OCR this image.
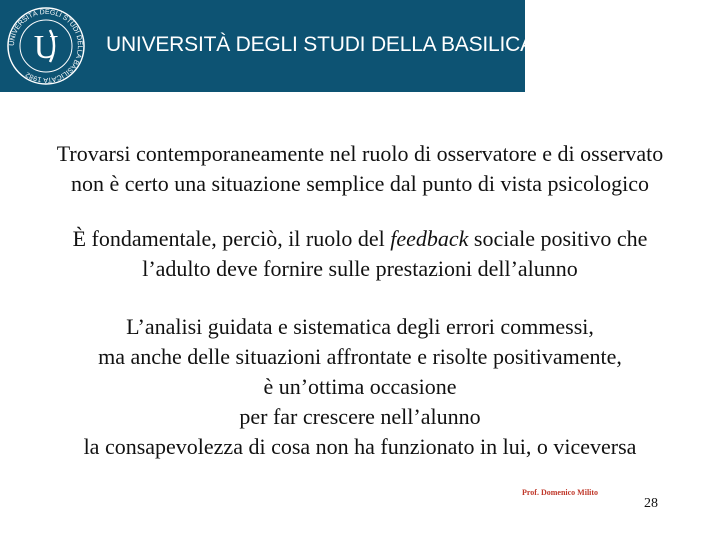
UNIVERSITÀ DEGLI STUDI DELLA BASILICATA 1982
U UNIVERSITÀ DEGLI STUDI DELLA BASILICATA

Trovarsi contemporaneamente nel ruolo di osservatore e di osservato

non è certo una situazione semplice dal punto di vista psicologico

È fondamentale, perciò, il ruolo del feedback sociale positivo che

l’adulto deve fornire sulle prestazioni dell’alunno

L’analisi guidata e sistematica degli errori commessi,

ma anche delle situazioni affrontate e risolte positivamente,

è un’ottima occasione

per far crescere nell’alunno

la consapevolezza di cosa non ha funzionato in lui, o viceversa

Prof. Domenico Milito
28
